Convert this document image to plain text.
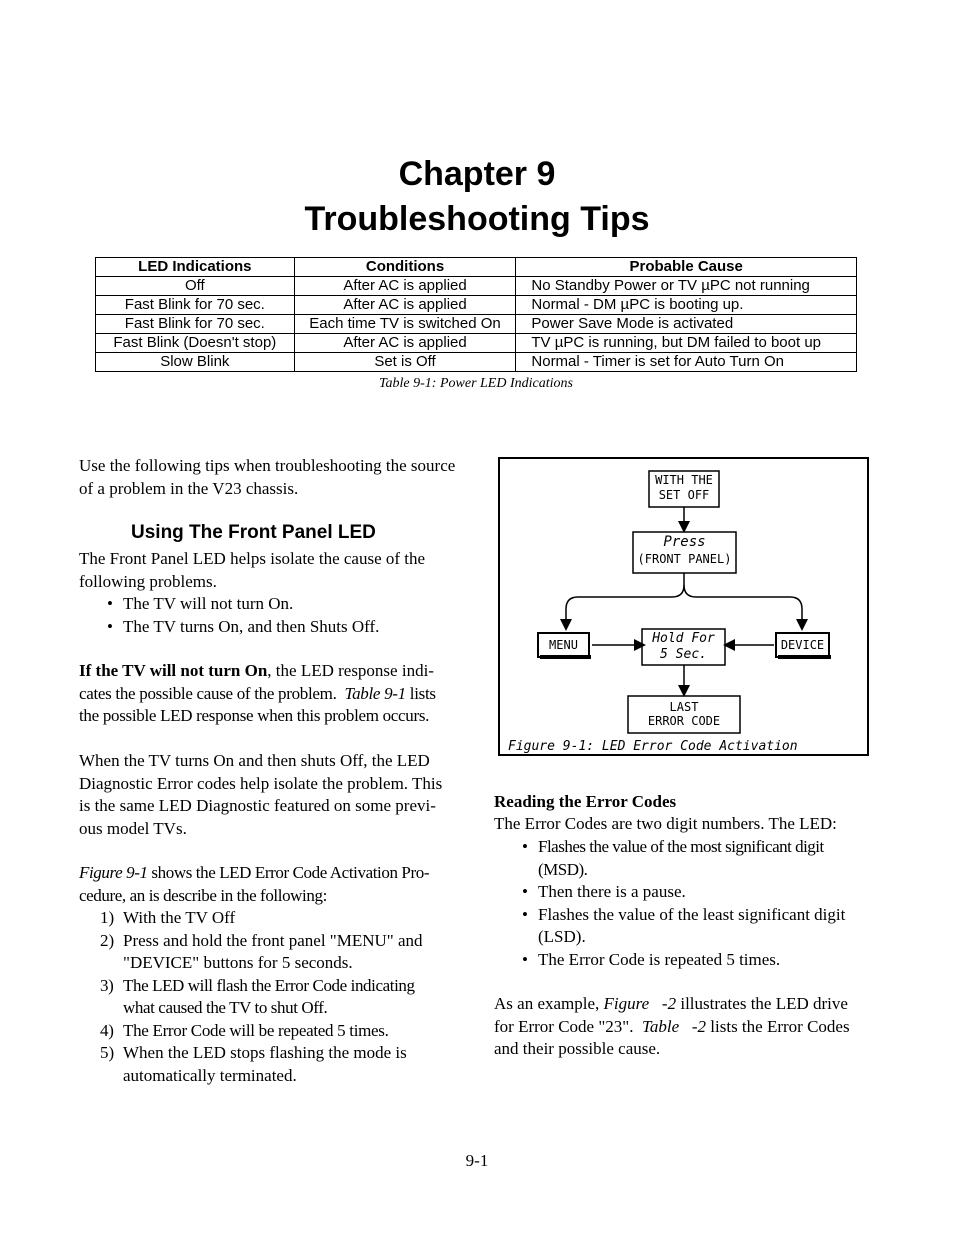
Chapter 9
Troubleshooting Tips
LED Indications	Conditions	Probable Cause
Off	After AC is applied	No Standby Power or TV µPC not running
Fast Blink for 70 sec.	After AC is applied	Normal - DM µPC is booting up.
Fast Blink for 70 sec.	Each time TV is switched On	Power Save Mode is activated
Fast Blink (Doesn't stop)	After AC is applied	TV µPC is running, but DM failed to boot up
Slow Blink	Set is Off	Normal - Timer is set for Auto Turn On
Table 9-1: Power LED Indications
Use the following tips when troubleshooting the source
of a problem in the V23 chassis.
Using The Front Panel LED
The Front Panel LED helps isolate the cause of the
following problems.
• The TV will not turn On.
• The TV turns On, and then Shuts Off.
If the TV will not turn On, the LED response indi-
cates the possible cause of the problem. Table 9-1 lists
the possible LED response when this problem occurs.
When the TV turns On and then shuts Off, the LED
Diagnostic Error codes help isolate the problem. This
is the same LED Diagnostic featured on some previ-
ous model TVs.
Figure 9-1 shows the LED Error Code Activation Pro-
cedure, an is describe in the following:
1) With the TV Off
2) Press and hold the front panel "MENU" and
"DEVICE" buttons for 5 seconds.
3) The LED will flash the Error Code indicating
what caused the TV to shut Off.
4) The Error Code will be repeated 5 times.
5) When the LED stops flashing the mode is
automatically terminated.
WITH THE
SET OFF
Press
(FRONT PANEL)
MENU	Hold For
5 Sec.
DEVICE
LAST
ERROR CODE
Figure 9-1: LED Error Code Activation
Reading the Error Codes
The Error Codes are two digit numbers. The LED:
• Flashes the value of the most significant digit
(MSD).
• Then there is a pause.
• Flashes the value of the least significant digit
(LSD).
• The Error Code is repeated 5 times.
As an example, Figure   -2 illustrates the LED drive
for Error Code "23".  Table   -2 lists the Error Codes
and their possible cause.
9-1
